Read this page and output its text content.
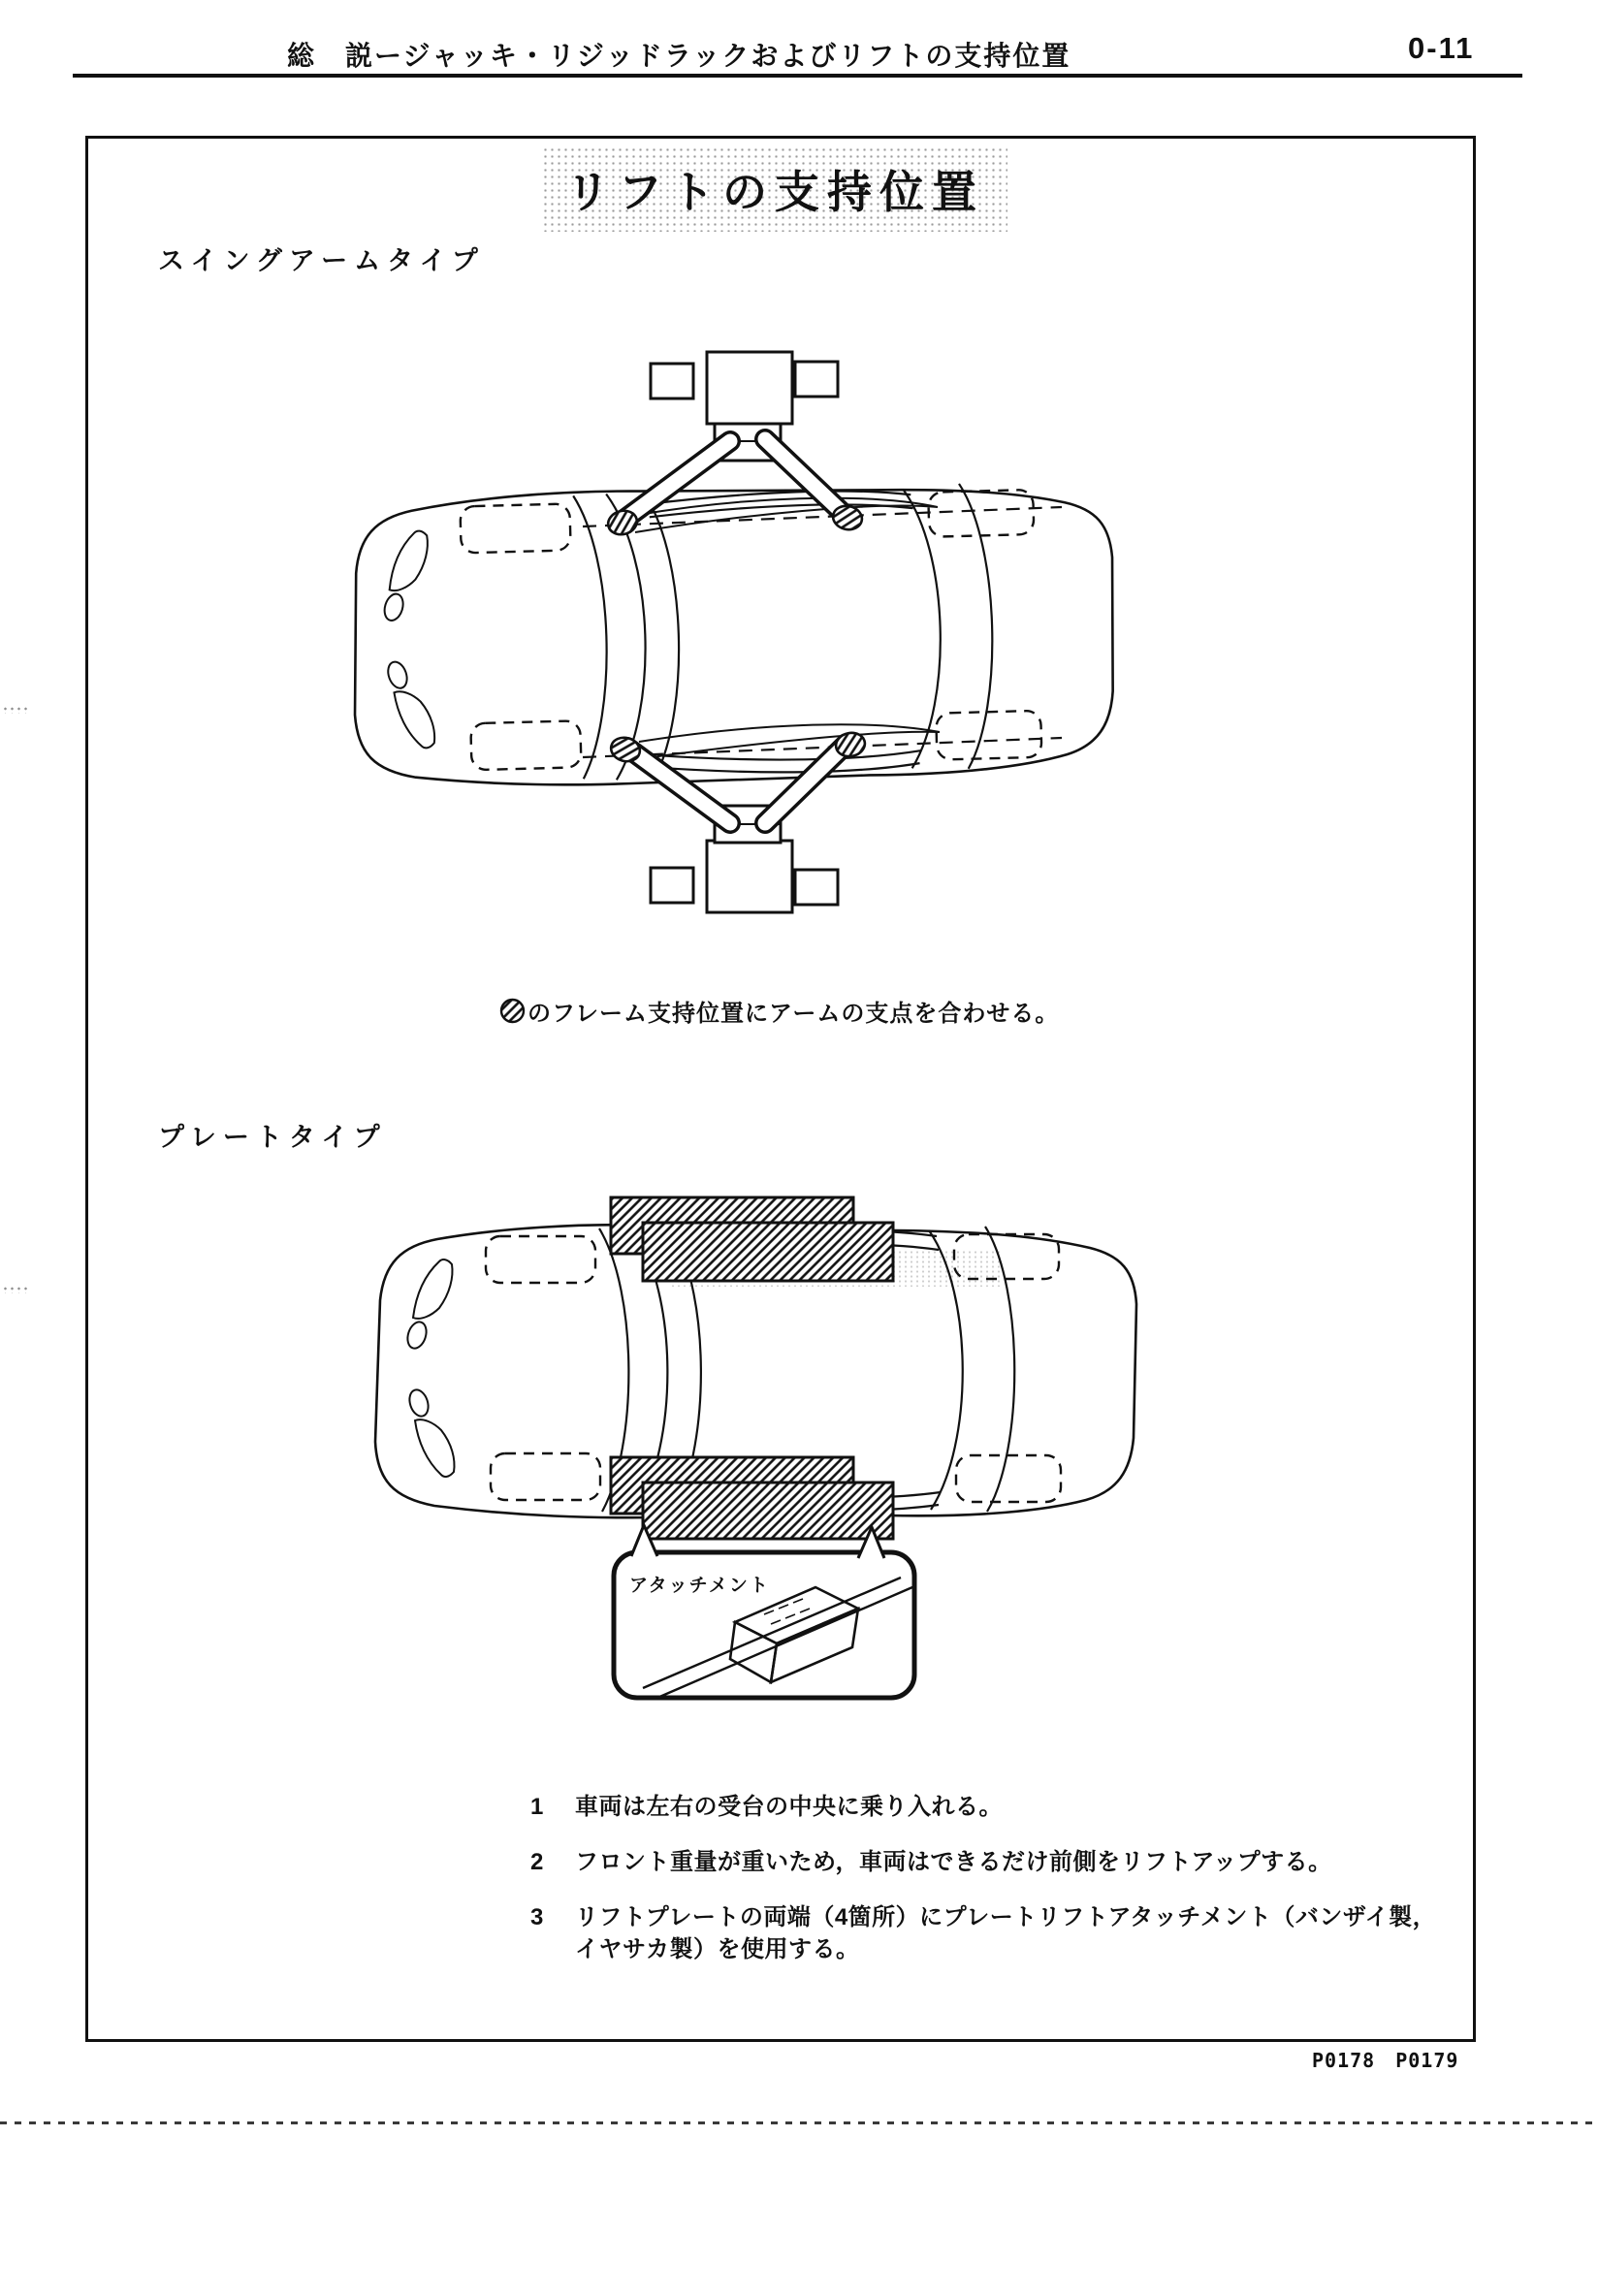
総　説ージャッキ・リジッドラックおよびリフトの支持位置	0-11
リフトの支持位置
スイングアームタイプ
のフレーム支持位置にアームの支点を合わせる。
プレートタイプ
アタッチメント
1 車両は左右の受台の中央に乗り入れる。
2 フロント重量が重いため，車両はできるだけ前側をリフトアップする。
3 リフトプレートの両端（4箇所）にプレートリフトアタッチメント（バンザイ製，
イヤサカ製）を使用する。
P0178　P0179
